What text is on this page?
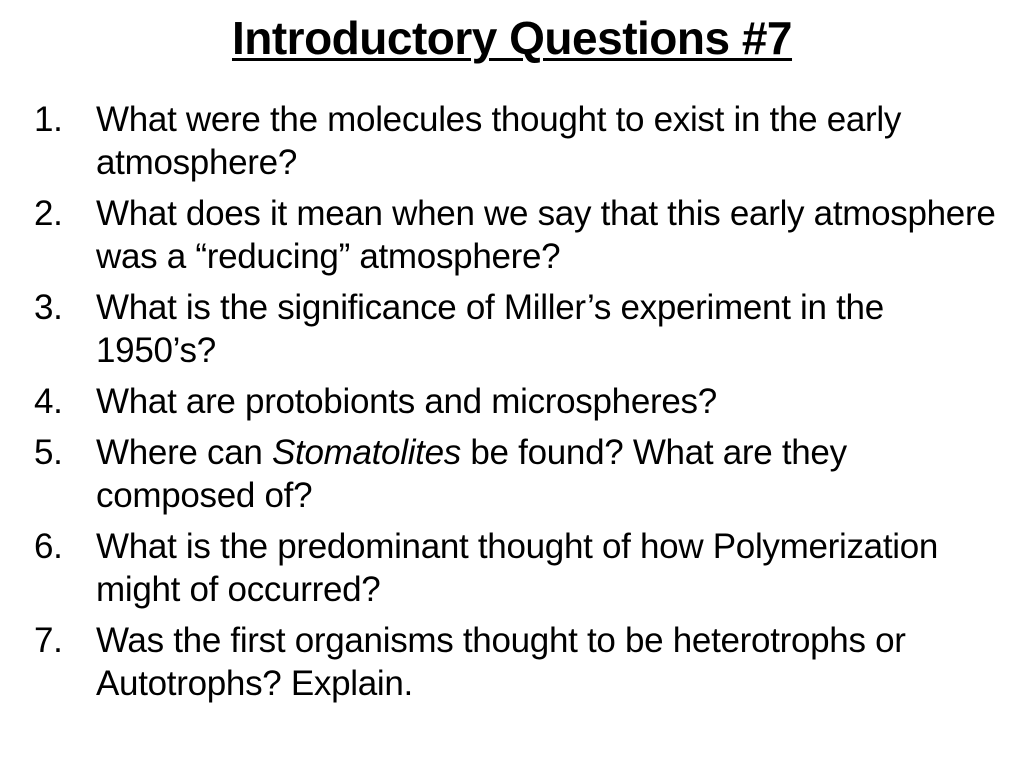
Introductory Questions #7
1. What were the molecules thought to exist in the early atmosphere?
2. What does it mean when we say that this early atmosphere was a “reducing” atmosphere?
3. What is the significance of Miller’s experiment in the 1950’s?
4. What are protobionts and microspheres?
5. Where can Stomatolites be found? What are they composed of?
6. What is the predominant thought of how Polymerization might of occurred?
7. Was the first organisms thought to be heterotrophs or Autotrophs? Explain.
